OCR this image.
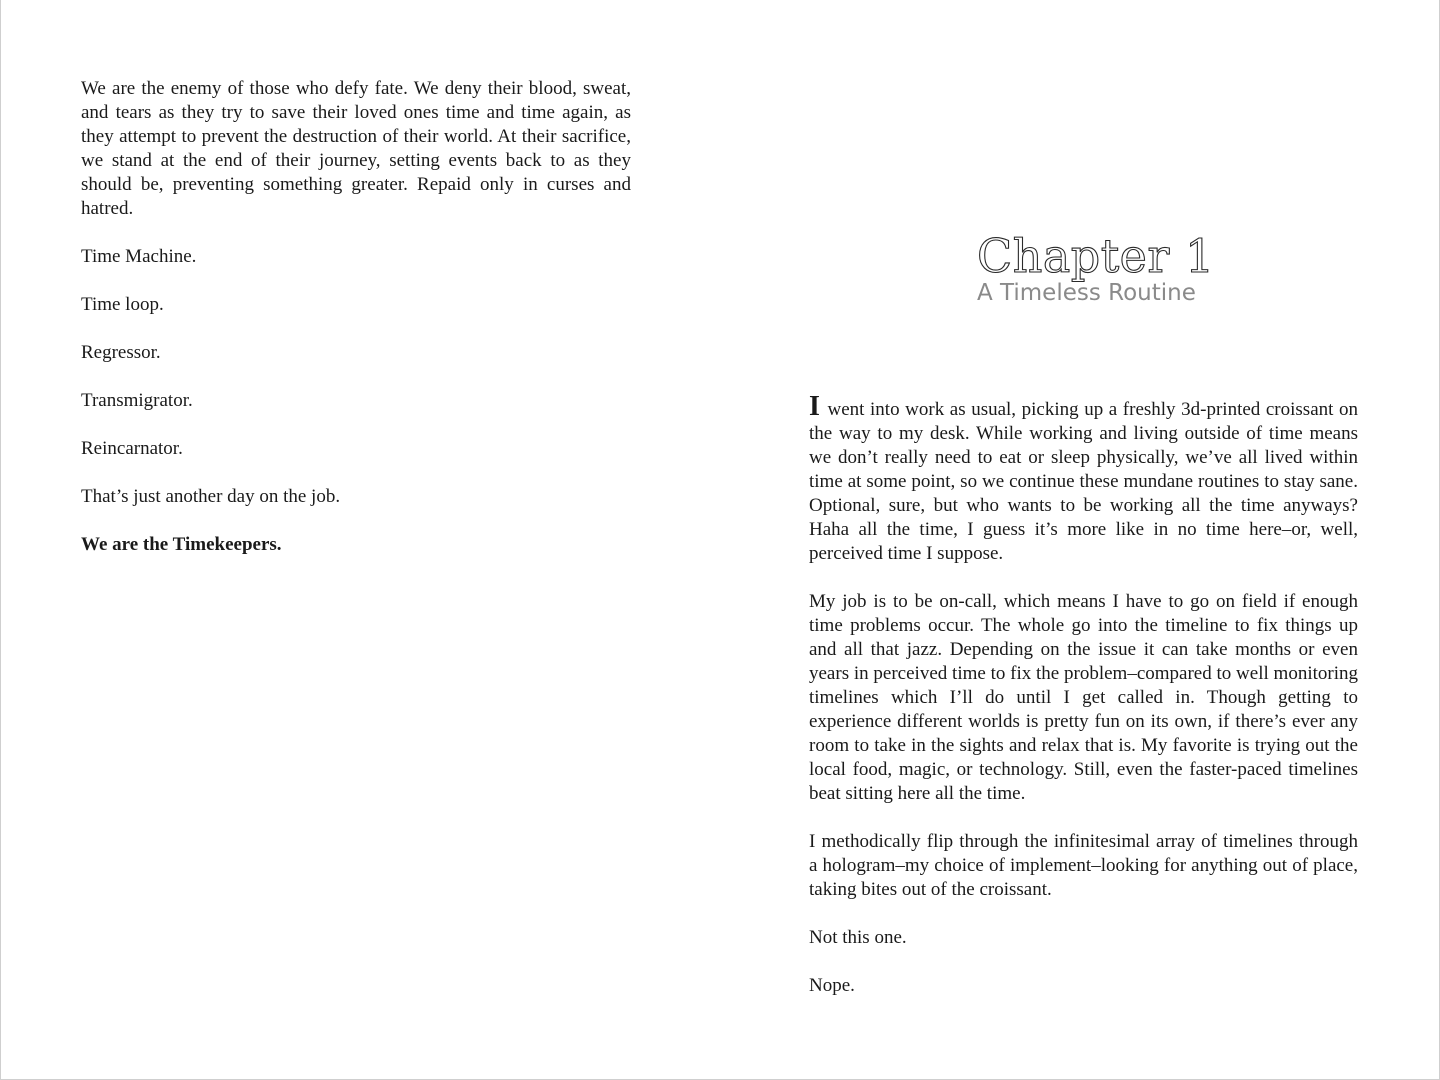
We are the enemy of those who defy fate. We deny their blood, sweat, and tears as they try to save their loved ones time and time again, as they attempt to prevent the destruction of their world. At their sacrifice, we stand at the end of their journey, setting events back to as they should be, preventing something greater. Repaid only in curses and hatred.

Time Machine.

Time loop.

Regressor.

Transmigrator.

Reincarnator.

That’s just another day on the job.

We are the Timekeepers.

Chapter 1
A Timeless Routine

I went into work as usual, picking up a freshly 3d-printed croissant on the way to my desk. While working and living outside of time means we don’t really need to eat or sleep physically, we’ve all lived within time at some point, so we continue these mundane routines to stay sane. Optional, sure, but who wants to be working all the time anyways? Haha all the time, I guess it’s more like in no time here–or, well, perceived time I suppose.

My job is to be on-call, which means I have to go on field if enough time problems occur. The whole go into the timeline to fix things up and all that jazz. Depending on the issue it can take months or even years in perceived time to fix the problem–compared to well monitoring timelines which I’ll do until I get called in. Though getting to experience different worlds is pretty fun on its own, if there’s ever any room to take in the sights and relax that is. My favorite is trying out the local food, magic, or technology. Still, even the faster-paced timelines beat sitting here all the time.

I methodically flip through the infinitesimal array of timelines through a hologram–my choice of implement–looking for anything out of place, taking bites out of the croissant.

Not this one.

Nope.
